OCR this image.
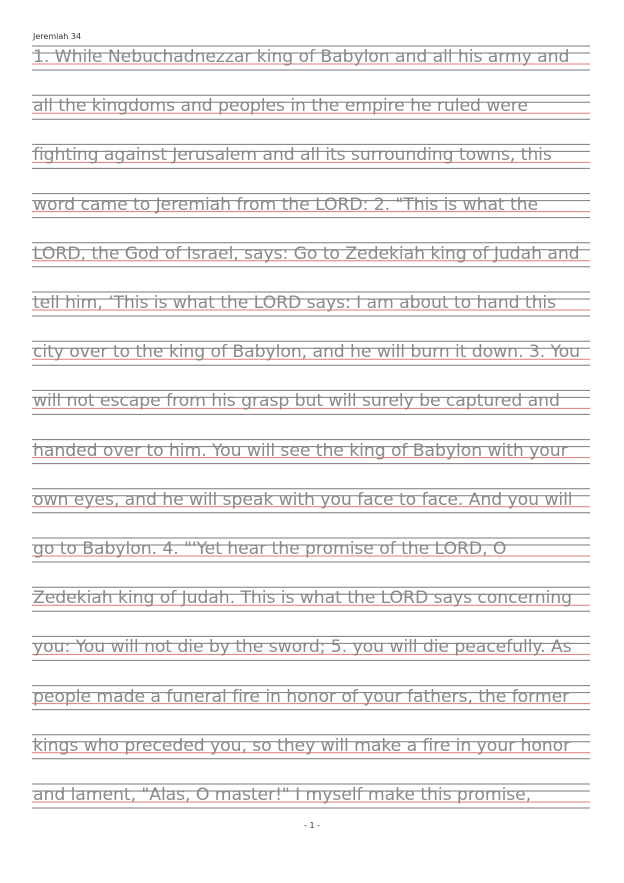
Jeremiah 34
1. While Nebuchadnezzar king of Babylon and all his army and
all the kingdoms and peoples in the empire he ruled were
fighting against Jerusalem and all its surrounding towns, this
word came to Jeremiah from the LORD: 2. "This is what the
LORD, the God of Israel, says: Go to Zedekiah king of Judah and
tell him, ‘This is what the LORD says: I am about to hand this
city over to the king of Babylon, and he will burn it down. 3. You
will not escape from his grasp but will surely be captured and
handed over to him. You will see the king of Babylon with your
own eyes, and he will speak with you face to face. And you will
go to Babylon. 4. "'Yet hear the promise of the LORD, O
Zedekiah king of Judah. This is what the LORD says concerning
you: You will not die by the sword; 5. you will die peacefully. As
people made a funeral fire in honor of your fathers, the former
kings who preceded you, so they will make a fire in your honor
and lament, "Alas, O master!" I myself make this promise,
- 1 -
